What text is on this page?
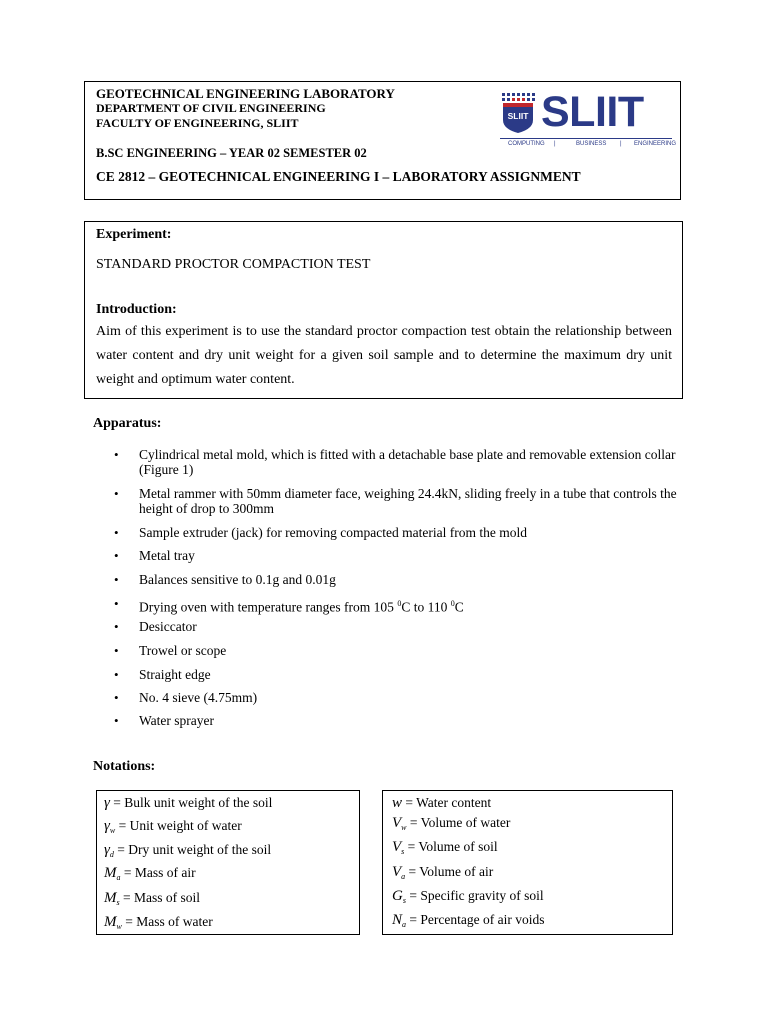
GEOTECHNICAL ENGINEERING LABORATORY
DEPARTMENT OF CIVIL ENGINEERING
FACULTY OF ENGINEERING, SLIIT
B.SC ENGINEERING – YEAR 02 SEMESTER 02
CE 2812 – GEOTECHNICAL ENGINEERING I – LABORATORY ASSIGNMENT
SLIIT SLIIT
COMPUTING |	BUSINESS | ENGINEERING
Experiment:
STANDARD PROCTOR COMPACTION TEST
Introduction:
Aim of this experiment is to use the standard proctor compaction test obtain the relationship between
water content and dry unit weight for a given soil sample and to determine the maximum dry unit
weight and optimum water content.
Apparatus:
• Cylindrical metal mold, which is fitted with a detachable base plate and removable extension collar (Figure 1)
• Metal rammer with 50mm diameter face, weighing 24.4kN, sliding freely in a tube that controls the height of drop to 300mm
• Sample extruder (jack) for removing compacted material from the mold
• Metal tray
• Balances sensitive to 0.1g and 0.01g
• Drying oven with temperature ranges from 105 $^0$C to 110 $^0$C
• Desiccator
• Trowel or scope
• Straight edge
• No. 4 sieve (4.75mm)
• Water sprayer
Notations:
γ = Bulk unit weight of the soil
$\gamma_w$ = Unit weight of water
$\gamma_d$ = Dry unit weight of the soil
$M_a$ = Mass of air
$M_s$ = Mass of soil
$M_w$ = Mass of water
w = Water content
$V_w$ = Volume of water
$V_s$ = Volume of soil
$V_a$ = Volume of air
$G_s$ = Specific gravity of soil
$N_a$ = Percentage of air voids
